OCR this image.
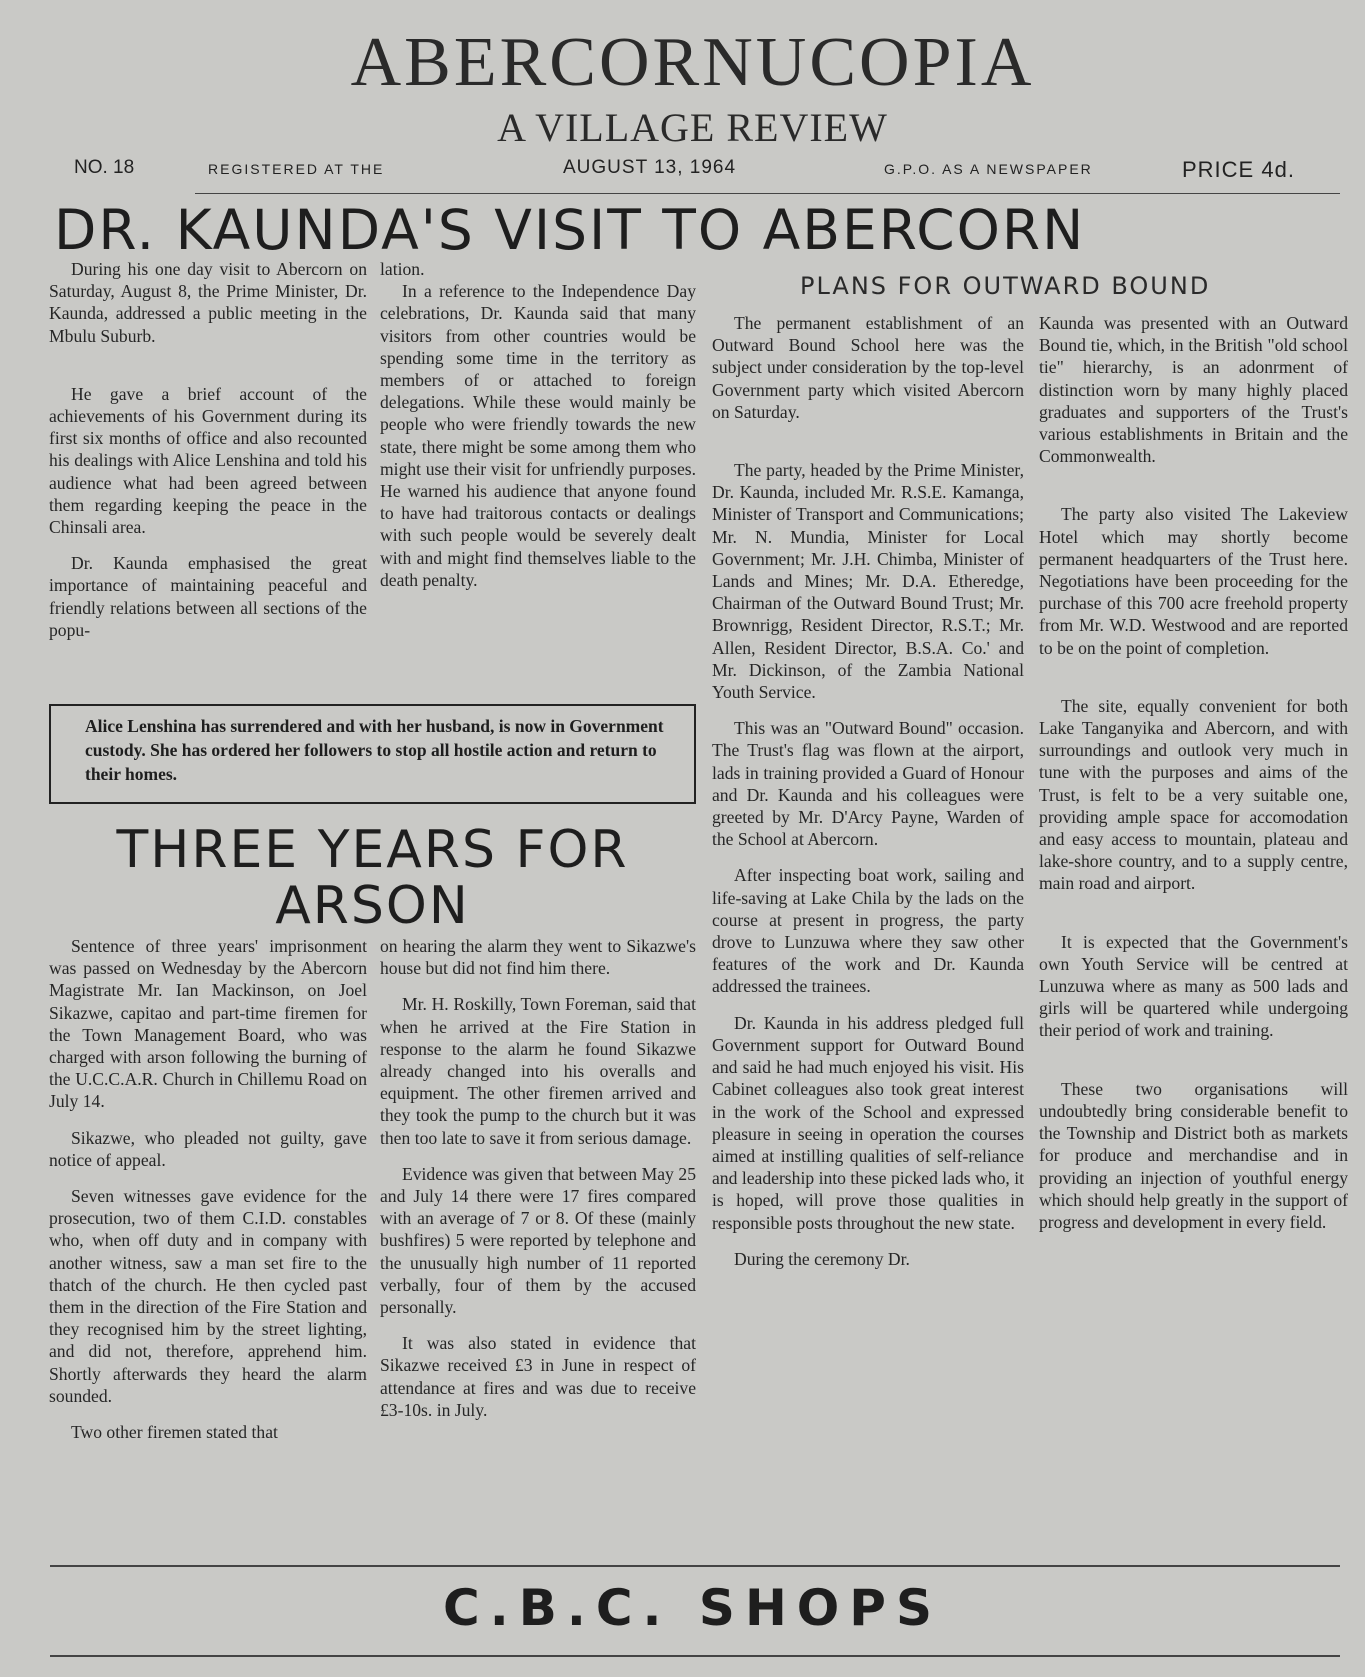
ABERCORNUCOPIA
A VILLAGE REVIEW
NO. 18	REGISTERED AT THE	AUGUST 13, 1964	G.P.O. AS A NEWSPAPER	PRICE 4d.
DR. KAUNDA'S VISIT TO ABERCORN

During his one day visit to Abercorn on Saturday, August 8, the Prime Minister, Dr. Kaunda, addressed a public meeting in the Mbulu Suburb.

He gave a brief account of the achievements of his Government during its first six months of office and also recounted his dealings with Alice Lenshina and told his audience what had been agreed between them regarding keeping the peace in the Chinsali area.

Dr. Kaunda emphasised the great importance of maintaining peaceful and friendly relations between all sections of the popu-

lation.

In a reference to the Independence Day celebrations, Dr. Kaunda said that many visitors from other countries would be spending some time in the territory as members of or attached to foreign delegations. While these would mainly be people who were friendly towards the new state, there might be some among them who might use their visit for unfriendly purposes. He warned his audience that anyone found to have had traitorous contacts or dealings with such people would be severely dealt with and might find themselves liable to the death penalty.

Alice Lenshina has surrendered and with her husband, is now in Government custody. She has ordered her followers to stop all hostile action and return to their homes.
THREE YEARS FOR
ARSON

Sentence of three years' imprisonment was passed on Wednesday by the Abercorn Magistrate Mr. Ian Mackinson, on Joel Sikazwe, capitao and part-time firemen for the Town Management Board, who was charged with arson following the burning of the U.C.C.A.R. Church in Chillemu Road on July 14.

Sikazwe, who pleaded not guilty, gave notice of appeal.

Seven witnesses gave evidence for the prosecution, two of them C.I.D. constables who, when off duty and in company with another witness, saw a man set fire to the thatch of the church. He then cycled past them in the direction of the Fire Station and they recognised him by the street lighting, and did not, therefore, apprehend him. Shortly afterwards they heard the alarm sounded.

Two other firemen stated that

on hearing the alarm they went to Sikazwe's house but did not find him there.

Mr. H. Roskilly, Town Foreman, said that when he arrived at the Fire Station in response to the alarm he found Sikazwe already changed into his overalls and equipment. The other firemen arrived and they took the pump to the church but it was then too late to save it from serious damage.

Evidence was given that between May 25 and July 14 there were 17 fires compared with an average of 7 or 8. Of these (mainly bushfires) 5 were reported by telephone and the unusually high number of 11 reported verbally, four of them by the accused personally.

It was also stated in evidence that Sikazwe received £3 in June in respect of attendance at fires and was due to receive £3-10s. in July.

PLANS FOR OUTWARD BOUND

The permanent establishment of an Outward Bound School here was the subject under consideration by the top-level Government party which visited Abercorn on Saturday.

The party, headed by the Prime Minister, Dr. Kaunda, included Mr. R.S.E. Kamanga, Minister of Transport and Communications; Mr. N. Mundia, Minister for Local Government; Mr. J.H. Chimba, Minister of Lands and Mines; Mr. D.A. Etheredge, Chairman of the Outward Bound Trust; Mr. Brownrigg, Resident Director, R.S.T.; Mr. Allen, Resident Director, B.S.A. Co.' and Mr. Dickinson, of the Zambia National Youth Service.

This was an "Outward Bound" occasion. The Trust's flag was flown at the airport, lads in training provided a Guard of Honour and Dr. Kaunda and his colleagues were greeted by Mr. D'Arcy Payne, Warden of the School at Abercorn.

After inspecting boat work, sailing and life-saving at Lake Chila by the lads on the course at present in progress, the party drove to Lunzuwa where they saw other features of the work and Dr. Kaunda addressed the trainees.

Dr. Kaunda in his address pledged full Government support for Outward Bound and said he had much enjoyed his visit. His Cabinet colleagues also took great interest in the work of the School and expressed pleasure in seeing in operation the courses aimed at instilling qualities of self-reliance and leadership into these picked lads who, it is hoped, will prove those qualities in responsible posts throughout the new state.

During the ceremony Dr.

Kaunda was presented with an Outward Bound tie, which, in the British "old school tie" hierarchy, is an adonrment of distinction worn by many highly placed graduates and supporters of the Trust's various establishments in Britain and the Commonwealth.

The party also visited The Lakeview Hotel which may shortly become permanent headquarters of the Trust here. Negotiations have been proceeding for the purchase of this 700 acre freehold property from Mr. W.D. Westwood and are reported to be on the point of completion.

The site, equally convenient for both Lake Tanganyika and Abercorn, and with surroundings and outlook very much in tune with the purposes and aims of the Trust, is felt to be a very suitable one, providing ample space for accomodation and easy access to mountain, plateau and lake-shore country, and to a supply centre, main road and airport.

It is expected that the Government's own Youth Service will be centred at Lunzuwa where as many as 500 lads and girls will be quartered while undergoing their period of work and training.

These two organisations will undoubtedly bring considerable benefit to the Township and District both as markets for produce and merchandise and in providing an injection of youthful energy which should help greatly in the support of progress and development in every field.

C.B.C. SHOPS
